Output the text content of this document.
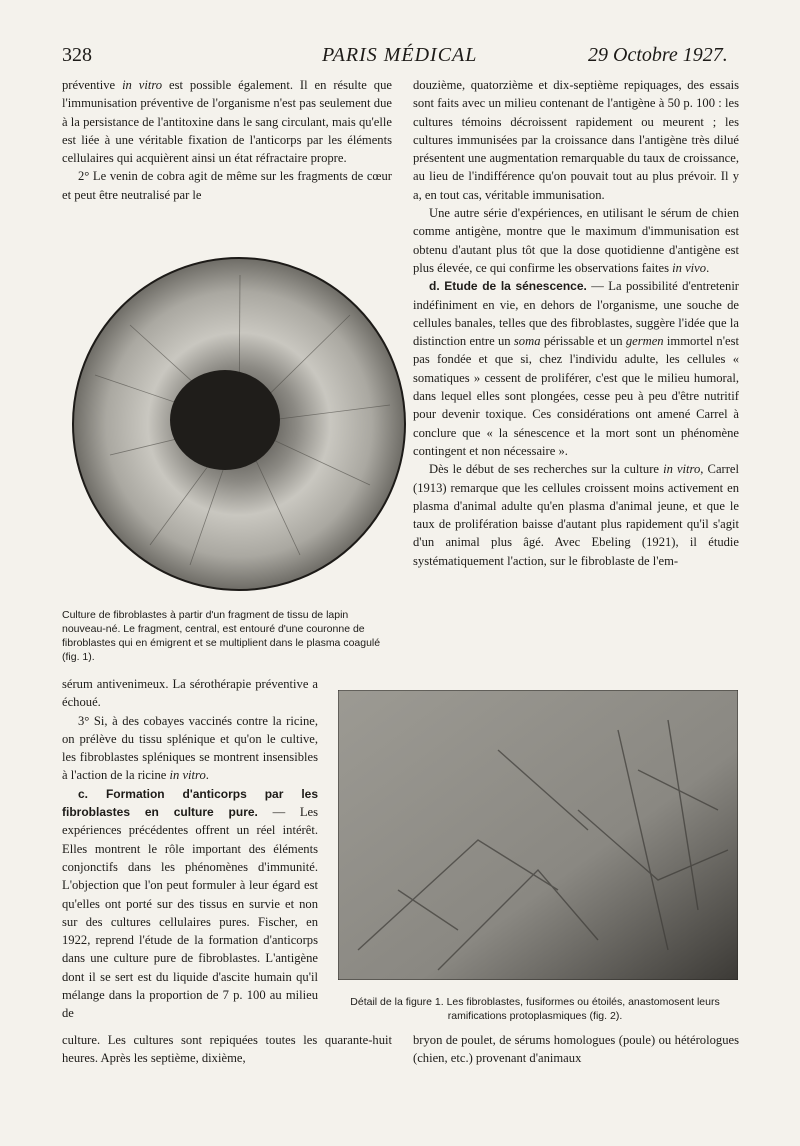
328	PARIS MÉDICAL	29 Octobre 1927.

préventive in vitro est possible également. Il en résulte que l'immunisation préventive de l'organisme n'est pas seulement due à la persistance de l'antitoxine dans le sang circulant, mais qu'elle est liée à une véritable fixation de l'anticorps par les éléments cellulaires qui acquièrent ainsi un état réfractaire propre.

2° Le venin de cobra agit de même sur les fragments de cœur et peut être neutralisé par le

douzième, quatorzième et dix-septième repiquages, des essais sont faits avec un milieu contenant de l'antigène à 50 p. 100 : les cultures témoins décroissent rapidement ou meurent ; les cultures immunisées par la croissance dans l'antigène très dilué présentent une augmentation remarquable du taux de croissance, au lieu de l'indifférence qu'on pouvait tout au plus prévoir. Il y a, en tout cas, véritable immunisation.

Une autre série d'expériences, en utilisant le sérum de chien comme antigène, montre que le maximum d'immunisation est obtenu d'autant plus tôt que la dose quotidienne d'antigène est plus élevée, ce qui confirme les observations faites in vivo.

d. Etude de la sénescence. — La possibilité d'entretenir indéfiniment en vie, en dehors de l'organisme, une souche de cellules banales, telles que des fibroblastes, suggère l'idée que la distinction entre un soma périssable et un germen immortel n'est pas fondée et que si, chez l'individu adulte, les cellules « somatiques » cessent de proliférer, c'est que le milieu humoral, dans lequel elles sont plongées, cesse peu à peu d'être nutritif pour devenir toxique. Ces considérations ont amené Carrel à conclure que « la sénescence et la mort sont un phénomène contingent et non nécessaire ».

Dès le début de ses recherches sur la culture in vitro, Carrel (1913) remarque que les cellules croissent moins activement en plasma d'animal adulte qu'en plasma d'animal jeune, et que le taux de prolifération baisse d'autant plus rapidement qu'il s'agit d'un animal plus âgé. Avec Ebeling (1921), il étudie systématiquement l'action, sur le fibroblaste de l'em-

Culture de fibroblastes à partir d'un fragment de tissu de lapin nouveau-né. Le fragment, central, est entouré d'une couronne de fibroblastes qui en émigrent et se multiplient dans le plasma coagulé (fig. 1).

sérum antivenimeux. La sérothérapie préventive a échoué.

3° Si, à des cobayes vaccinés contre la ricine, on prélève du tissu splénique et qu'on le cultive, les fibroblastes spléniques se montrent insensibles à l'action de la ricine in vitro.

c. Formation d'anticorps par les fibroblastes en culture pure. — Les expériences précédentes offrent un réel intérêt. Elles montrent le rôle important des éléments conjonctifs dans les phénomènes d'immunité. L'objection que l'on peut formuler à leur égard est qu'elles ont porté sur des tissus en survie et non sur des cultures cellulaires pures. Fischer, en 1922, reprend l'étude de la formation d'anticorps dans une culture pure de fibroblastes. L'antigène dont il se sert est du liquide d'ascite humain qu'il mélange dans la proportion de 7 p. 100 au milieu de

Détail de la figure 1. Les fibroblastes, fusiformes ou étoilés, anastomosent leurs ramifications protoplasmiques (fig. 2).
culture. Les cultures sont repiquées toutes les quarante-huit heures. Après les septième, dixième,
bryon de poulet, de sérums homologues (poule) ou hétérologues (chien, etc.) provenant d'animaux
